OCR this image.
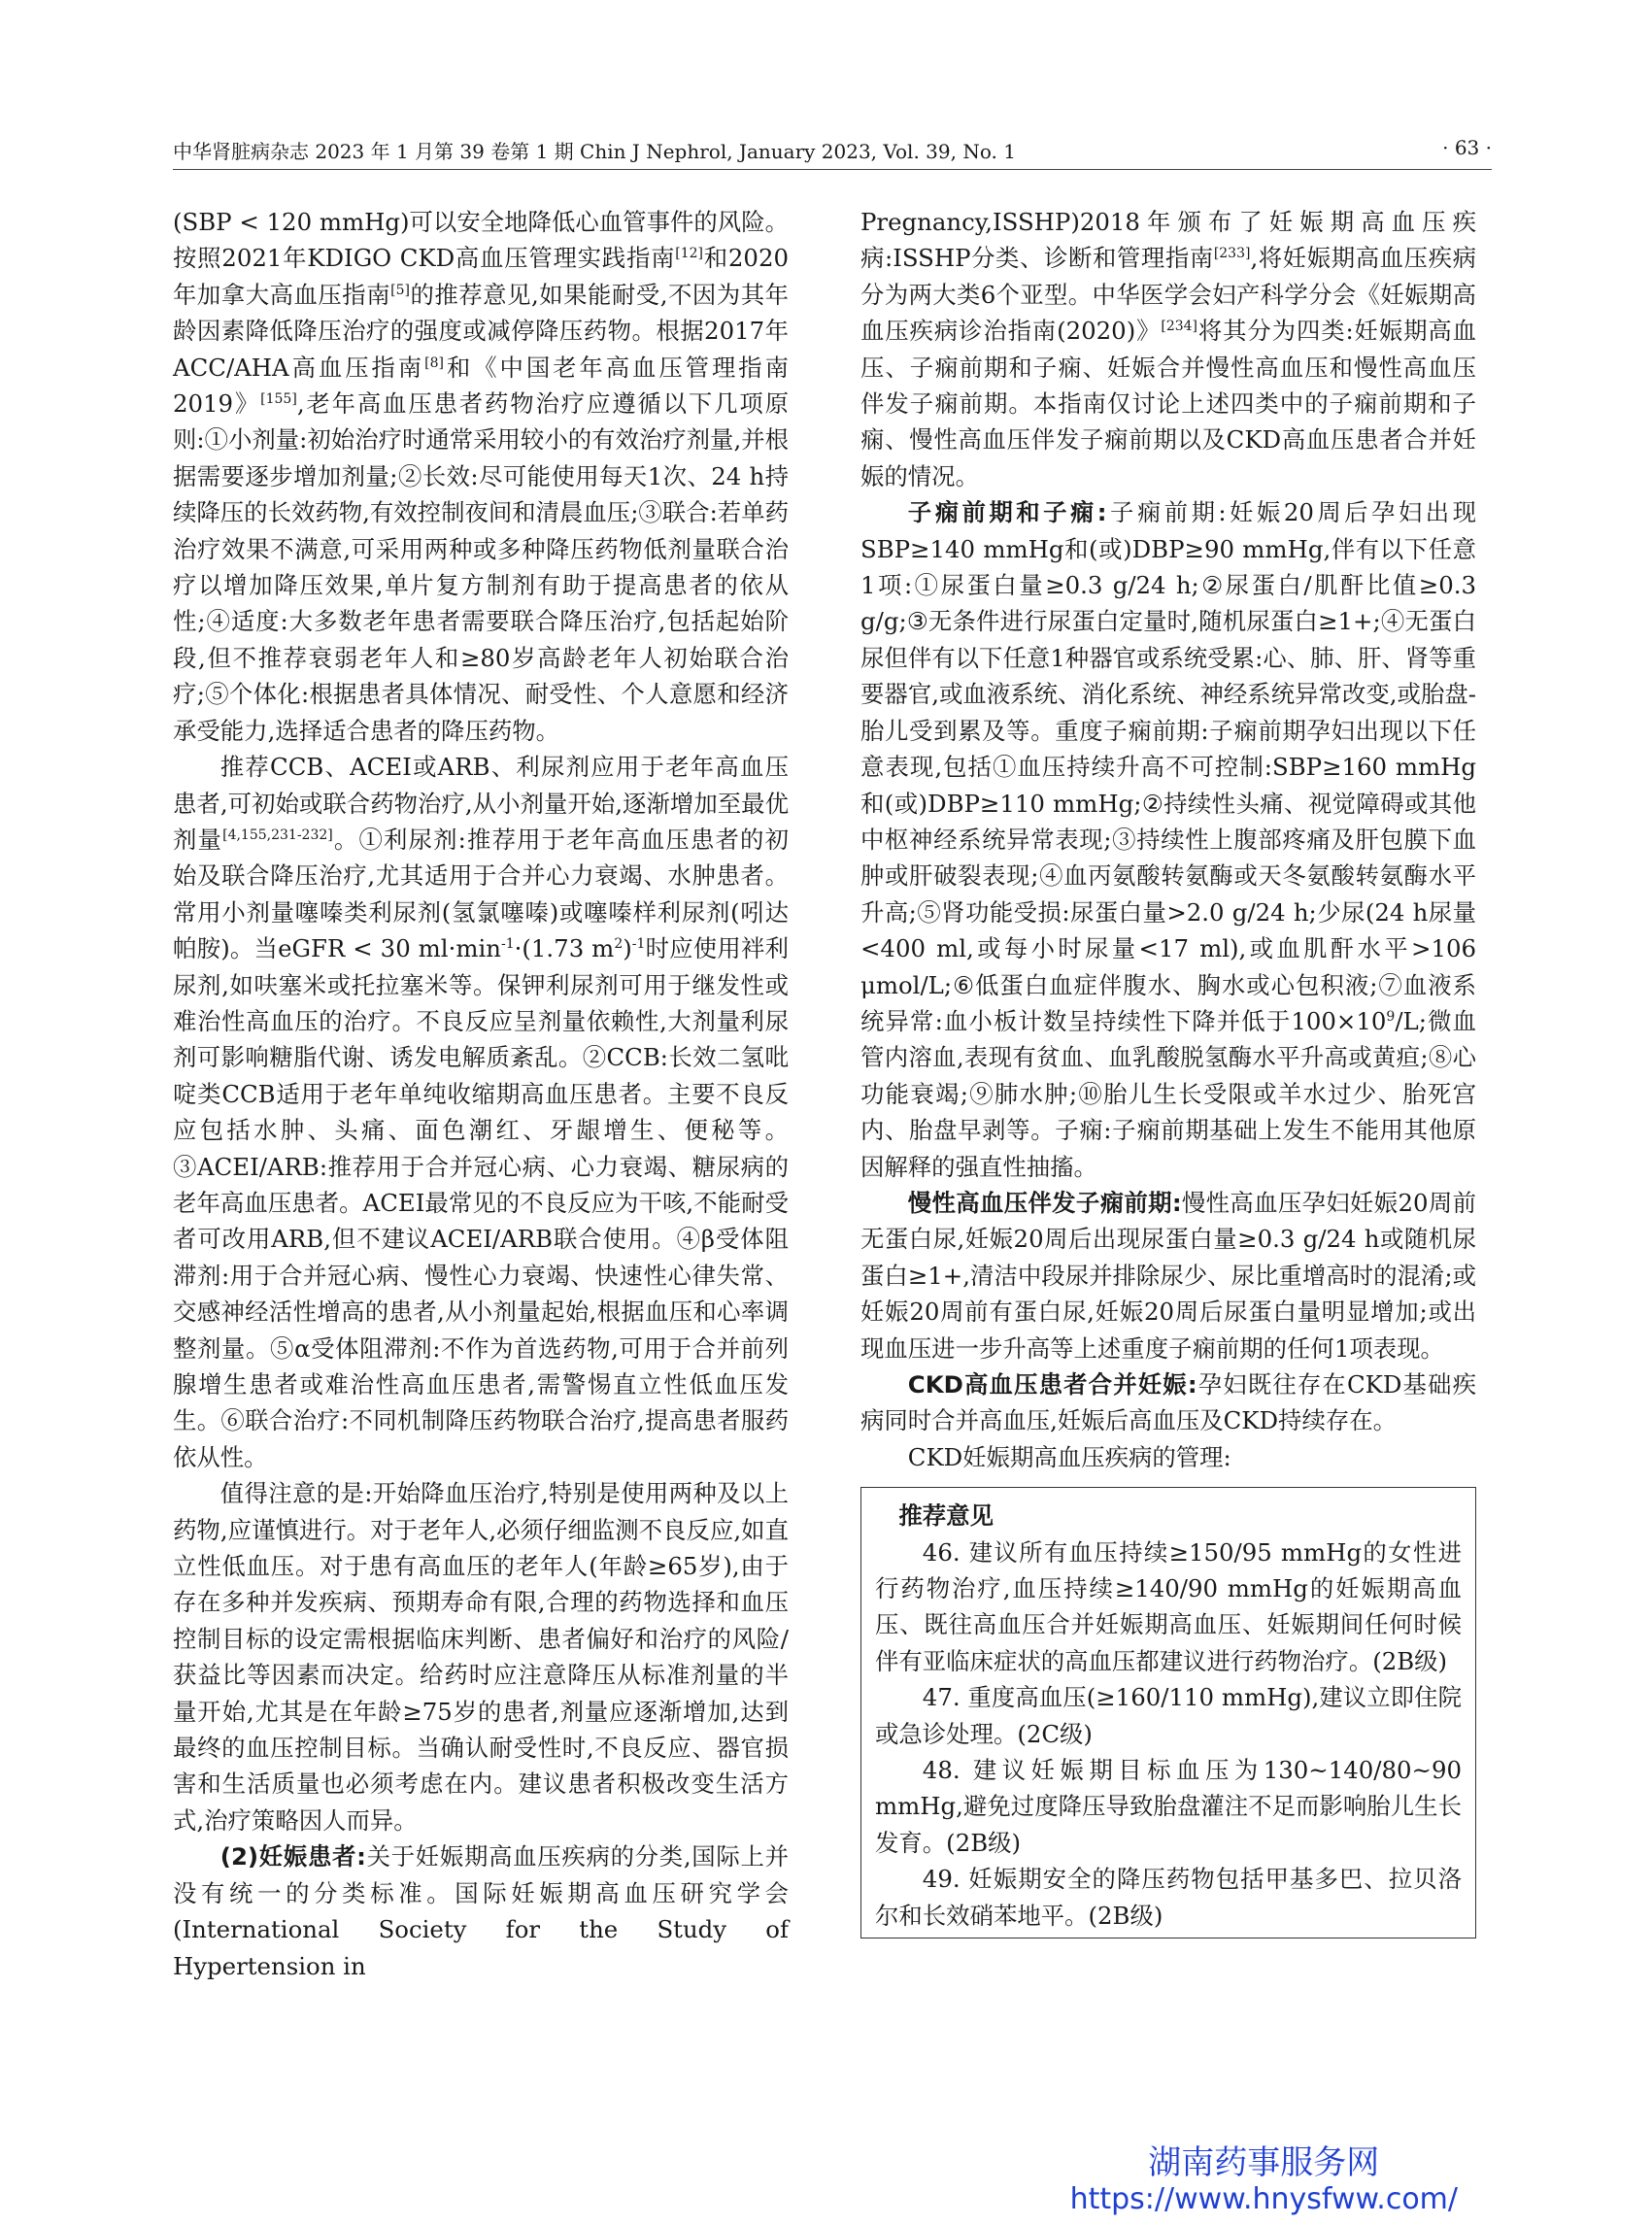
中华肾脏病杂志 2023 年 1 月第 39 卷第 1 期 Chin J Nephrol, January 2023, Vol. 39, No. 1	· 63 ·

(SBP < 120 mmHg)可以安全地降低心血管事件的风险。按照2021年KDIGO CKD高血压管理实践指南[12]和2020年加拿大高血压指南[5]的推荐意见,如果能耐受,不因为其年龄因素降低降压治疗的强度或减停降压药物。根据2017年ACC/AHA高血压指南[8]和《中国老年高血压管理指南2019》[155],老年高血压患者药物治疗应遵循以下几项原则:①小剂量:初始治疗时通常采用较小的有效治疗剂量,并根据需要逐步增加剂量;②长效:尽可能使用每天1次、24 h持续降压的长效药物,有效控制夜间和清晨血压;③联合:若单药治疗效果不满意,可采用两种或多种降压药物低剂量联合治疗以增加降压效果,单片复方制剂有助于提高患者的依从性;④适度:大多数老年患者需要联合降压治疗,包括起始阶段,但不推荐衰弱老年人和≥80岁高龄老年人初始联合治疗;⑤个体化:根据患者具体情况、耐受性、个人意愿和经济承受能力,选择适合患者的降压药物。

推荐CCB、ACEI或ARB、利尿剂应用于老年高血压患者,可初始或联合药物治疗,从小剂量开始,逐渐增加至最优剂量[4,155,231-232]。①利尿剂:推荐用于老年高血压患者的初始及联合降压治疗,尤其适用于合并心力衰竭、水肿患者。常用小剂量噻嗪类利尿剂(氢氯噻嗪)或噻嗪样利尿剂(吲达帕胺)。当eGFR < 30 $ml\cdot\min^{-1}\cdot(1.73$ $m^2)^{-1}$时应使用袢利尿剂,如呋塞米或托拉塞米等。保钾利尿剂可用于继发性或难治性高血压的治疗。不良反应呈剂量依赖性,大剂量利尿剂可影响糖脂代谢、诱发电解质紊乱。②CCB:长效二氢吡啶类CCB适用于老年单纯收缩期高血压患者。主要不良反应包括水肿、头痛、面色潮红、牙龈增生、便秘等。③ACEI/ARB:推荐用于合并冠心病、心力衰竭、糖尿病的老年高血压患者。ACEI最常见的不良反应为干咳,不能耐受者可改用ARB,但不建议ACEI/ARB联合使用。④β受体阻滞剂:用于合并冠心病、慢性心力衰竭、快速性心律失常、交感神经活性增高的患者,从小剂量起始,根据血压和心率调整剂量。⑤α受体阻滞剂:不作为首选药物,可用于合并前列腺增生患者或难治性高血压患者,需警惕直立性低血压发生。⑥联合治疗:不同机制降压药物联合治疗,提高患者服药依从性。

值得注意的是:开始降血压治疗,特别是使用两种及以上药物,应谨慎进行。对于老年人,必须仔细监测不良反应,如直立性低血压。对于患有高血压的老年人(年龄≥65岁),由于存在多种并发疾病、预期寿命有限,合理的药物选择和血压控制目标的设定需根据临床判断、患者偏好和治疗的风险/获益比等因素而决定。给药时应注意降压从标准剂量的半量开始,尤其是在年龄≥75岁的患者,剂量应逐渐增加,达到最终的血压控制目标。当确认耐受性时,不良反应、器官损害和生活质量也必须考虑在内。建议患者积极改变生活方式,治疗策略因人而异。

(2)妊娠患者:关于妊娠期高血压疾病的分类,国际上并没有统一的分类标准。国际妊娠期高血压研究学会(International Society for the Study of Hypertension in

Pregnancy,ISSHP)2018年颁布了妊娠期高血压疾病:ISSHP分类、诊断和管理指南[233],将妊娠期高血压疾病分为两大类6个亚型。中华医学会妇产科学分会《妊娠期高血压疾病诊治指南(2020)》[234]将其分为四类:妊娠期高血压、子痫前期和子痫、妊娠合并慢性高血压和慢性高血压伴发子痫前期。本指南仅讨论上述四类中的子痫前期和子痫、慢性高血压伴发子痫前期以及CKD高血压患者合并妊娠的情况。

子痫前期和子痫:子痫前期:妊娠20周后孕妇出现SBP≥140 mmHg和(或)DBP≥90 mmHg,伴有以下任意1项:①尿蛋白量≥0.3 g/24 h;②尿蛋白/肌酐比值≥0.3 g/g;③无条件进行尿蛋白定量时,随机尿蛋白≥1+;④无蛋白尿但伴有以下任意1种器官或系统受累:心、肺、肝、肾等重要器官,或血液系统、消化系统、神经系统异常改变,或胎盘-胎儿受到累及等。重度子痫前期:子痫前期孕妇出现以下任意表现,包括①血压持续升高不可控制:SBP≥160 mmHg和(或)DBP≥110 mmHg;②持续性头痛、视觉障碍或其他中枢神经系统异常表现;③持续性上腹部疼痛及肝包膜下血肿或肝破裂表现;④血丙氨酸转氨酶或天冬氨酸转氨酶水平升高;⑤肾功能受损:尿蛋白量>2.0 g/24 h;少尿(24 h尿量<400 ml,或每小时尿量<17 ml),或血肌酐水平>106 μmol/L;⑥低蛋白血症伴腹水、胸水或心包积液;⑦血液系统异常:血小板计数呈持续性下降并低于$100\times 10^9/L$;微血管内溶血,表现有贫血、血乳酸脱氢酶水平升高或黄疸;⑧心功能衰竭;⑨肺水肿;⑩胎儿生长受限或羊水过少、胎死宫内、胎盘早剥等。子痫:子痫前期基础上发生不能用其他原因解释的强直性抽搐。

慢性高血压伴发子痫前期:慢性高血压孕妇妊娠20周前无蛋白尿,妊娠20周后出现尿蛋白量≥0.3 g/24 h或随机尿蛋白≥1+,清洁中段尿并排除尿少、尿比重增高时的混淆;或妊娠20周前有蛋白尿,妊娠20周后尿蛋白量明显增加;或出现血压进一步升高等上述重度子痫前期的任何1项表现。

CKD高血压患者合并妊娠:孕妇既往存在CKD基础疾病同时合并高血压,妊娠后高血压及CKD持续存在。

CKD妊娠期高血压疾病的管理:

推荐意见

46. 建议所有血压持续≥150/95 mmHg的女性进行药物治疗,血压持续≥140/90 mmHg的妊娠期高血压、既往高血压合并妊娠期高血压、妊娠期间任何时候伴有亚临床症状的高血压都建议进行药物治疗。(2B级)

47. 重度高血压(≥160/110 mmHg),建议立即住院或急诊处理。(2C级)

48. 建议妊娠期目标血压为130~140/80~90 mmHg,避免过度降压导致胎盘灌注不足而影响胎儿生长发育。(2B级)

49. 妊娠期安全的降压药物包括甲基多巴、拉贝洛尔和长效硝苯地平。(2B级)

湖南药事服务网
https://www.hnysfww.com/
